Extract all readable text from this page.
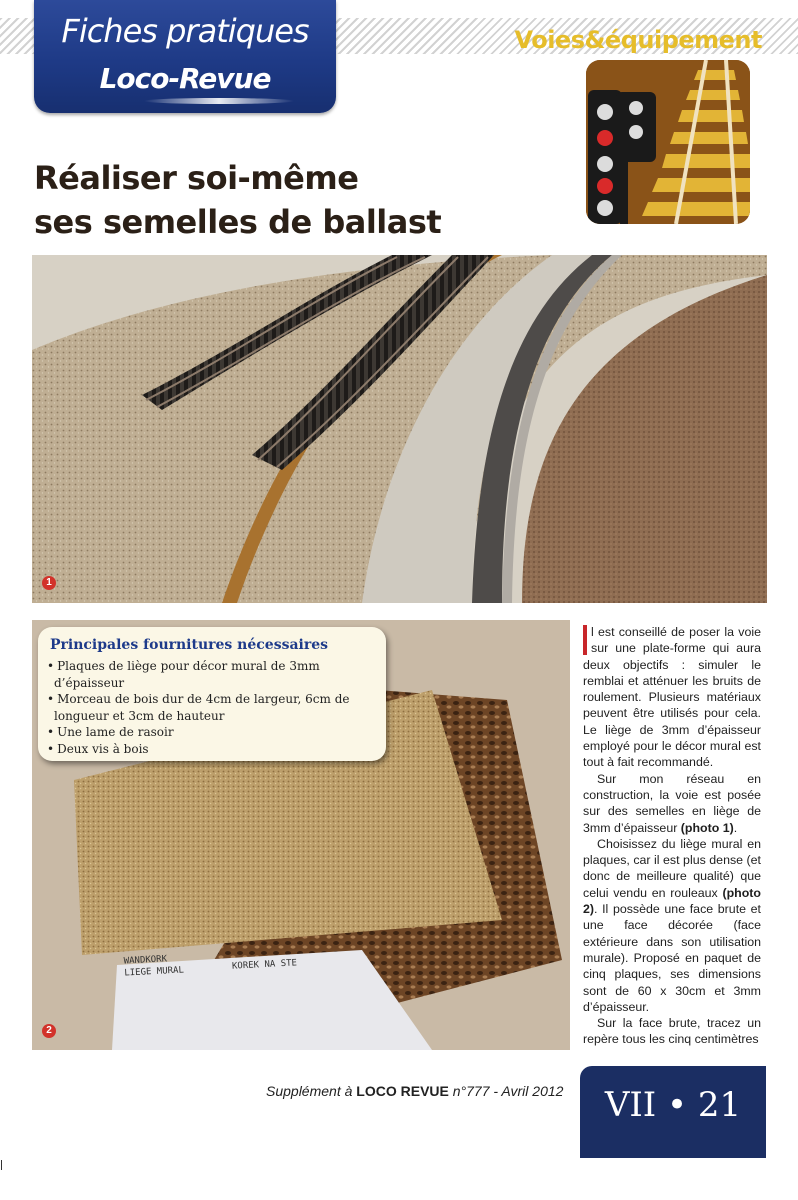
Fiches pratiques
Loco-Revue
Voies&équipement
Réaliser soi-même
ses semelles de ballast
1
WANDKORK
LIEGE MURAL
KOREK NA STE
2
Principales fournitures nécessaires
• Plaques de liège pour décor mural de 3mm d’épaisseur
• Morceau de bois dur de 4cm de largeur, 6cm de longueur et 3cm de hauteur
• Une lame de rasoir
• Deux vis à bois

l est conseillé de poser la voie sur une plate-forme qui aura deux objectifs : simuler le remblai et atténuer les bruits de roulement. Plusieurs matériaux peuvent être utilisés pour cela. Le liège de 3mm d’épaisseur employé pour le décor mural est tout à fait recommandé.

Sur mon réseau en construction, la voie est posée sur des semelles en liège de 3mm d’épaisseur (photo 1).

Choisissez du liège mural en plaques, car il est plus dense (et donc de meilleure qualité) que celui vendu en rouleaux (photo 2). Il possède une face brute et une face décorée (face extérieure dans son utilisation murale). Proposé en paquet de cinq plaques, ses dimensions sont de 60 x 30cm et 3mm d’épaisseur.

Sur la face brute, tracez un repère tous les cinq centimètres

Supplément à LOCO REVUE n°777 - Avril 2012	VII • 21
